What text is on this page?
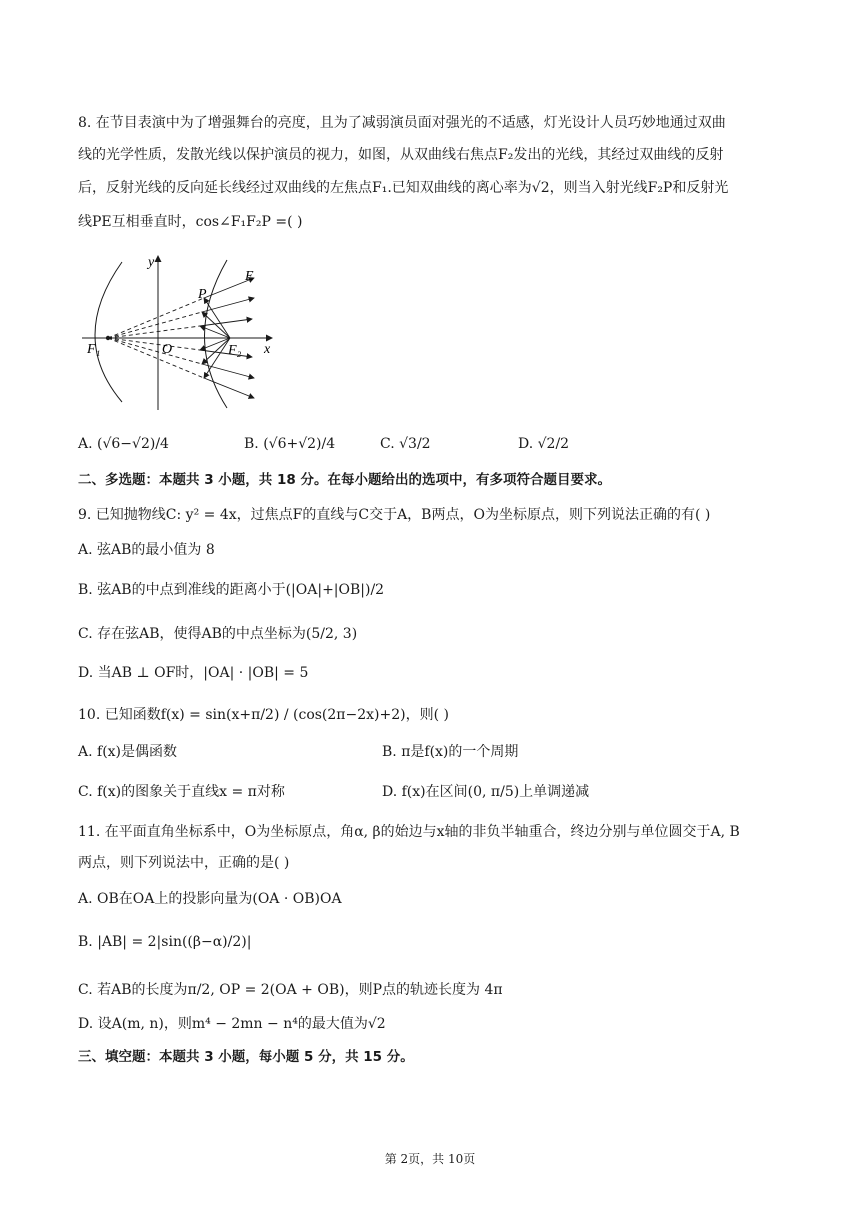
8. 在节目表演中为了增强舞台的亮度，且为了减弱演员面对强光的不适感，灯光设计人员巧妙地通过双曲
线的光学性质，发散光线以保护演员的视力，如图，从双曲线右焦点F₂发出的光线，其经过双曲线的反射
后，反射光线的反向延长线经过双曲线的左焦点F₁.已知双曲线的离心率为√2，则当入射光线F₂P和反射光
线PE互相垂直时，cos∠F₁F₂P =( )
y
x
P
E
F₁	O	F₂
A. (√6−√2)/4	B. (√6+√2)/4	C. √3/2	D. √2/2
二、多选题：本题共 3 小题，共 18 分。在每小题给出的选项中，有多项符合题目要求。
9. 已知抛物线C: y² = 4x，过焦点F的直线与C交于A，B两点，O为坐标原点，则下列说法正确的有( )
A. 弦AB的最小值为 8
B. 弦AB的中点到准线的距离小于(|OA|+|OB|)/2
C. 存在弦AB，使得AB的中点坐标为(5/2, 3)
D. 当AB ⊥ OF时，|OA| · |OB| = 5
10. 已知函数f(x) = sin(x+π/2) / (cos(2π−2x)+2)，则( )
A. f(x)是偶函数	B. π是f(x)的一个周期
C. f(x)的图象关于直线x = π对称	D. f(x)在区间(0, π/5)上单调递减
11. 在平面直角坐标系中，O为坐标原点，角α, β的始边与x轴的非负半轴重合，终边分别与单位圆交于A, B
两点，则下列说法中，正确的是( )
A. OB在OA上的投影向量为(OA · OB)OA
B. |AB| = 2|sin((β−α)/2)|
C. 若AB的长度为π/2, OP = 2(OA + OB)，则P点的轨迹长度为 4π
D. 设A(m, n)，则m⁴ − 2mn − n⁴的最大值为√2
三、填空题：本题共 3 小题，每小题 5 分，共 15 分。
第 2页，共 10页
